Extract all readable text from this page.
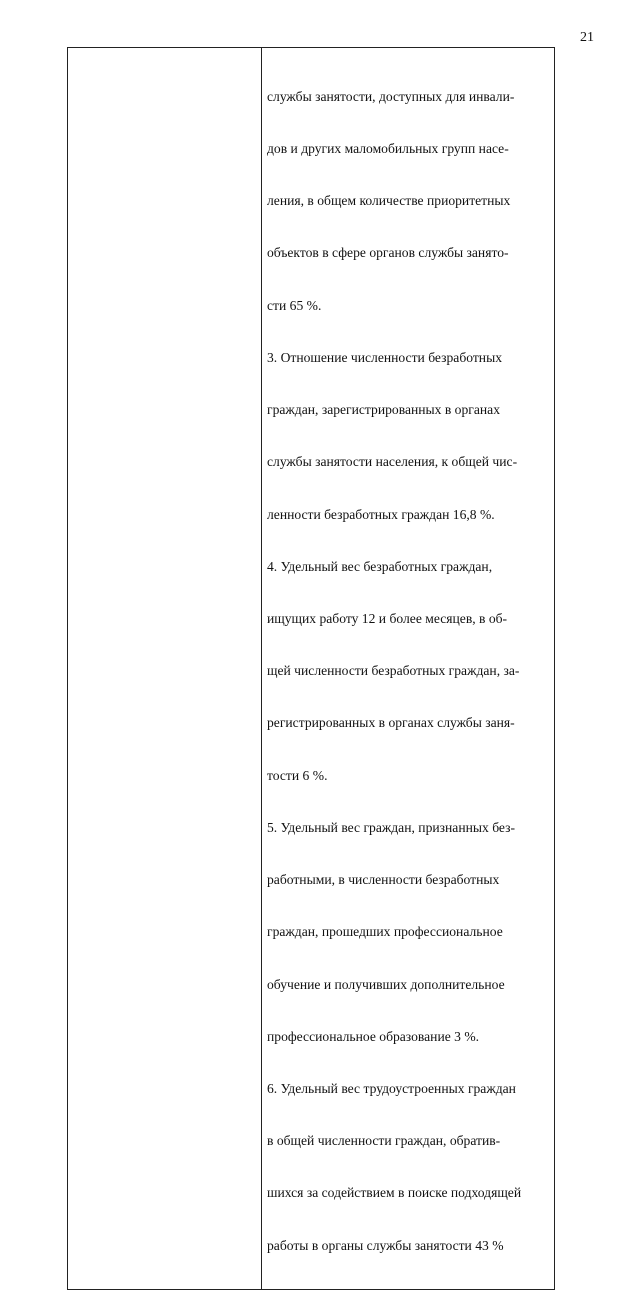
21

службы занятости, доступных для инвали-

дов и других маломобильных групп насе-

ления, в общем количестве приоритетных

объектов в сфере органов службы занято-

сти 65 %.

3. Отношение численности безработных

граждан, зарегистрированных в органах

службы занятости населения, к общей чис-

ленности безработных граждан 16,8 %.

4. Удельный вес безработных граждан,

ищущих работу 12 и более месяцев, в об-

щей численности безработных граждан, за-

регистрированных в органах службы заня-

тости 6 %.

5. Удельный вес граждан, признанных без-

работными, в численности безработных

граждан, прошедших профессиональное

обучение и получивших дополнительное

профессиональное образование 3 %.

6. Удельный вес трудоустроенных граждан

в общей численности граждан, обратив-

шихся за содействием в поиске подходящей

работы в органы службы занятости 43 %
